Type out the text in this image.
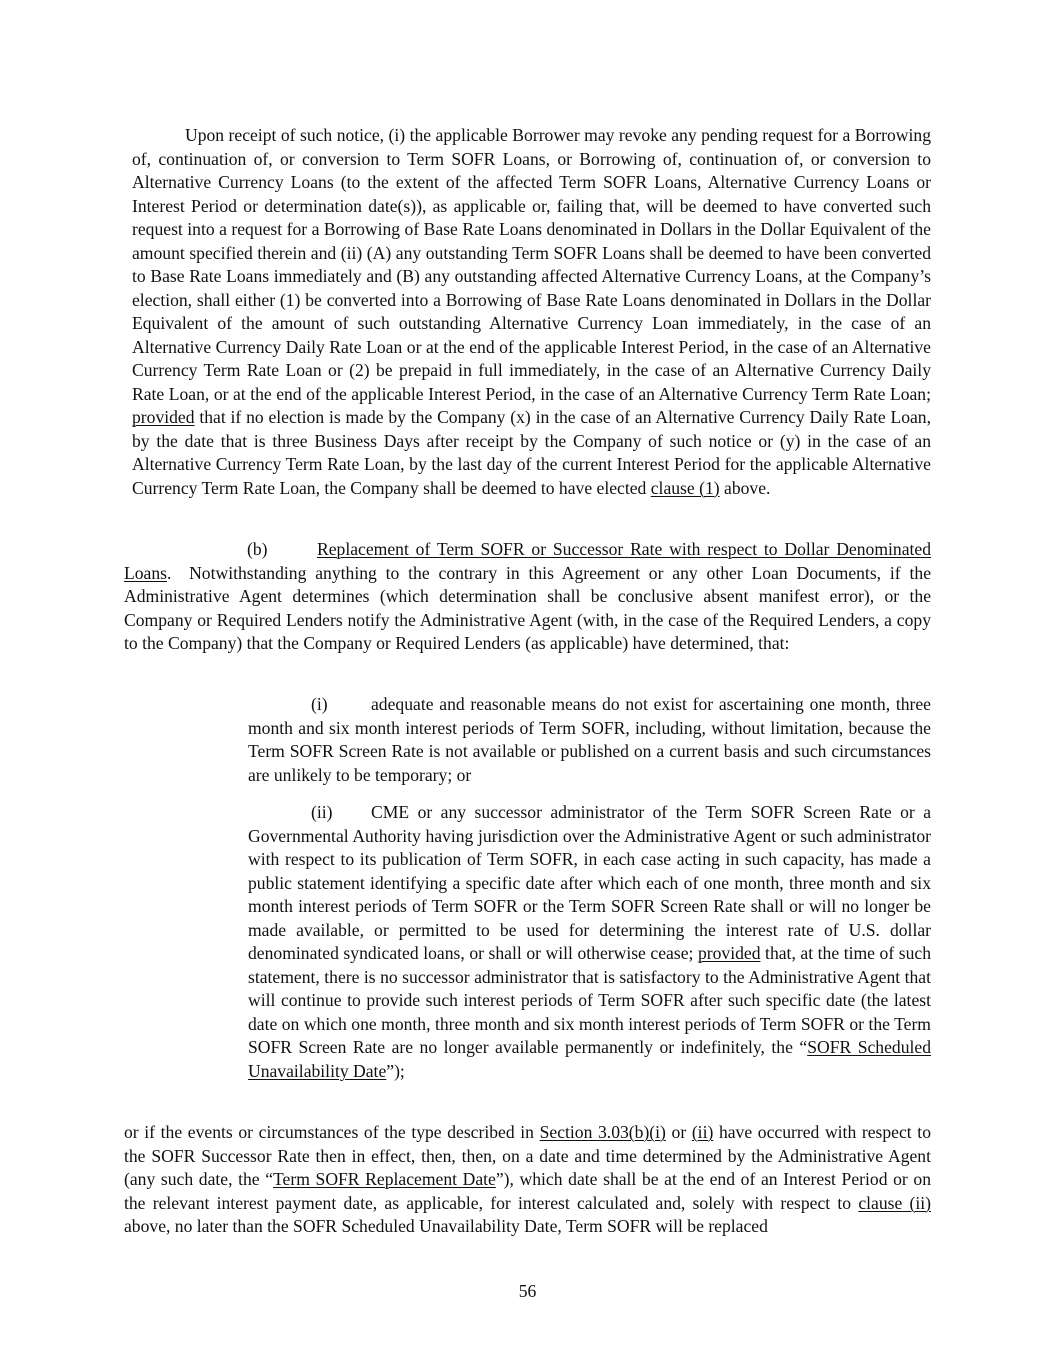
Upon receipt of such notice, (i) the applicable Borrower may revoke any pending request for a Borrowing of, continuation of, or conversion to Term SOFR Loans, or Borrowing of, continuation of, or conversion to Alternative Currency Loans (to the extent of the affected Term SOFR Loans, Alternative Currency Loans or Interest Period or determination date(s)), as applicable or, failing that, will be deemed to have converted such request into a request for a Borrowing of Base Rate Loans denominated in Dollars in the Dollar Equivalent of the amount specified therein and (ii) (A) any outstanding Term SOFR Loans shall be deemed to have been converted to Base Rate Loans immediately and (B) any outstanding affected Alternative Currency Loans, at the Company’s election, shall either (1) be converted into a Borrowing of Base Rate Loans denominated in Dollars in the Dollar Equivalent of the amount of such outstanding Alternative Currency Loan immediately, in the case of an Alternative Currency Daily Rate Loan or at the end of the applicable Interest Period, in the case of an Alternative Currency Term Rate Loan or (2) be prepaid in full immediately, in the case of an Alternative Currency Daily Rate Loan, or at the end of the applicable Interest Period, in the case of an Alternative Currency Term Rate Loan; provided that if no election is made by the Company (x) in the case of an Alternative Currency Daily Rate Loan, by the date that is three Business Days after receipt by the Company of such notice or (y) in the case of an Alternative Currency Term Rate Loan, by the last day of the current Interest Period for the applicable Alternative Currency Term Rate Loan, the Company shall be deemed to have elected clause (1) above.

(b)	Replacement of Term SOFR or Successor Rate with respect to Dollar Denominated Loans.  Notwithstanding anything to the contrary in this Agreement or any other Loan Documents, if the Administrative Agent determines (which determination shall be conclusive absent manifest error), or the Company or Required Lenders notify the Administrative Agent (with, in the case of the Required Lenders, a copy to the Company) that the Company or Required Lenders (as applicable) have determined, that:

(i) adequate and reasonable means do not exist for ascertaining one month, three month and six month interest periods of Term SOFR, including, without limitation, because the Term SOFR Screen Rate is not available or published on a current basis and such circumstances are unlikely to be temporary; or

(ii) CME or any successor administrator of the Term SOFR Screen Rate or a Governmental Authority having jurisdiction over the Administrative Agent or such administrator with respect to its publication of Term SOFR, in each case acting in such capacity, has made a public statement identifying a specific date after which each of one month, three month and six month interest periods of Term SOFR or the Term SOFR Screen Rate shall or will no longer be made available, or permitted to be used for determining the interest rate of U.S. dollar denominated syndicated loans, or shall or will otherwise cease; provided that, at the time of such statement, there is no successor administrator that is satisfactory to the Administrative Agent that will continue to provide such interest periods of Term SOFR after such specific date (the latest date on which one month, three month and six month interest periods of Term SOFR or the Term SOFR Screen Rate are no longer available permanently or indefinitely, the “SOFR Scheduled Unavailability Date”);

or if the events or circumstances of the type described in Section 3.03(b)(i) or (ii) have occurred with respect to the SOFR Successor Rate then in effect, then, then, on a date and time determined by the Administrative Agent (any such date, the “Term SOFR Replacement Date”), which date shall be at the end of an Interest Period or on the relevant interest payment date, as applicable, for interest calculated and, solely with respect to clause (ii) above, no later than the SOFR Scheduled Unavailability Date, Term SOFR will be replaced

56
